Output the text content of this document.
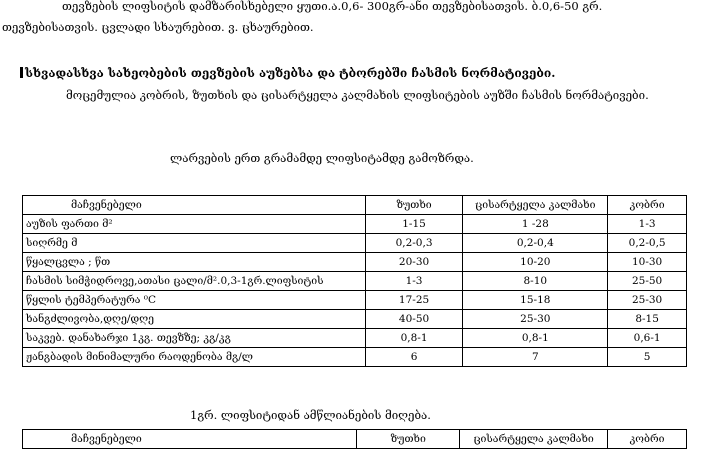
თევზების ლიფსიტის დამზარისხებელი ყუთი.ა.0,6- 300გრ-ანი თევზებისათვის. ბ.0,6-50 გრ.
თევზებისათვის. ცვლადი სხაურებით. ვ. ცხაურებით.
სხვადასხვა სახეობების თევზების აუზებსა და ტბორებში ჩასმის ნორმატივები.
მოცემულია კობრის, ზუთხის და ცისარტყელა კალმახის ლიფსიტების აუზში ჩასმის ნორმატივები.
ლარვების ერთ გრამამდე ლიფსიტამდე გამოზრდა.
მაჩვენებელი	ზუთხი	ცისარტყელა კალმახი	კობრი
აუზის ფართი მ²	1-15	1 -28	1-3
სიღრმე მ	0,2-0,3	0,2-0,4	0,2-0,5
წყალცვლა ; წთ	20-30	10-20	10-30
ჩასმის სიმჭიდროვე,ათასი ცალი/მ².0,3-1გრ.ლიფსიტის	1-3	8-10	25-50
წყლის ტემპერატურა ⁰C	17-25	15-18	25-30
ხანგძლივობა,დღე/დღე	40-50	25-30	8-15
საკვებ. დანახარჯი 1კგ. თევზზე; კგ/კგ	0,8-1	0,8-1	0,6-1
ჟანგბადის მინიმალური რაოდენობა მგ/ლ	6	7	5
1გრ. ლიფსიტიდან ამწლიანების მიღება.
მაჩვენებელი	ზუთხი	ცისარტყელა კალმახი	კობრი
